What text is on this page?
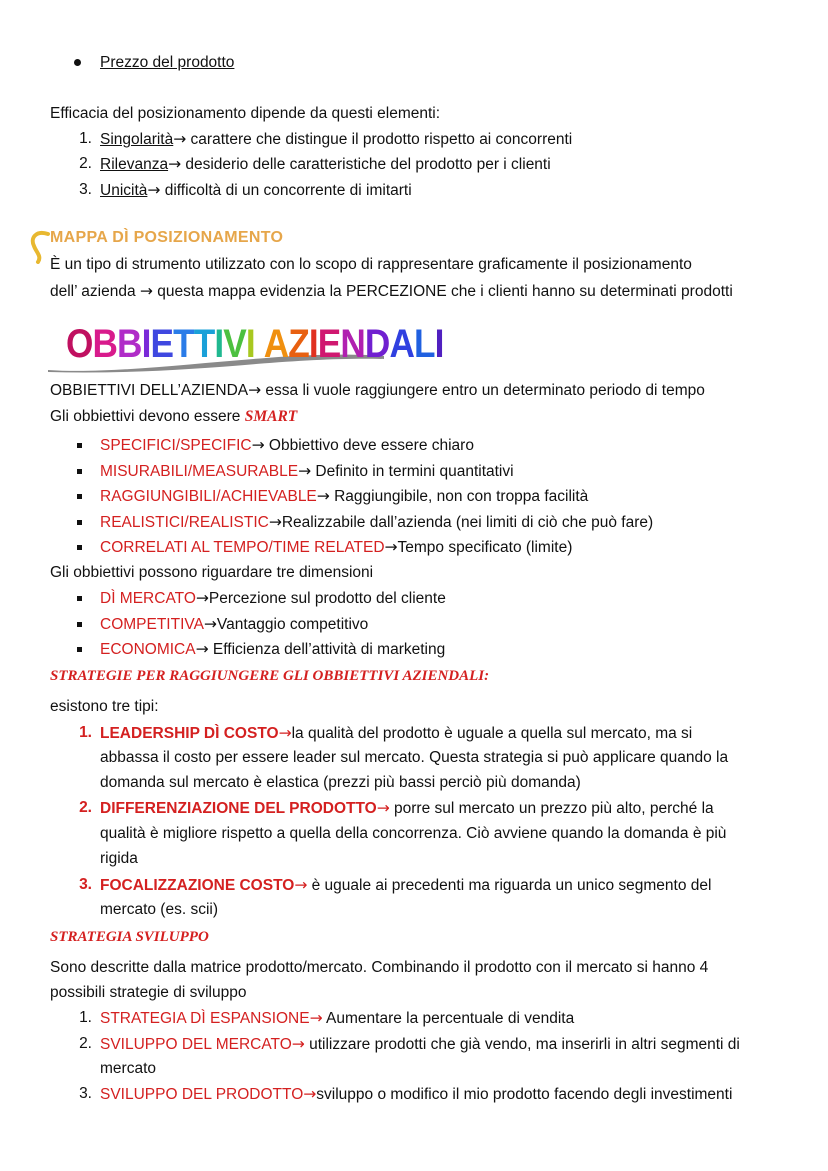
Prezzo del prodotto
Efficacia del posizionamento dipende da questi elementi:
1. Singolarità→ carattere che distingue il prodotto rispetto ai concorrenti
2. Rilevanza→ desiderio delle caratteristiche del prodotto per i clienti
3. Unicità→ difficoltà di un concorrente di imitarti
MAPPA DÌ POSIZIONAMENTO
È un tipo di strumento utilizzato con lo scopo di rappresentare graficamente il posizionamento
dell’ azienda → questa mappa evidenzia la PERCEZIONE che i clienti hanno su determinati prodotti
OBBIETTIVI AZIENDALI
OBBIETTIVI DELL’AZIENDA→ essa li vuole raggiungere entro un determinato periodo di tempo
Gli obbiettivi devono essere SMART
SPECIFICI/SPECIFIC→ Obbiettivo deve essere chiaro
MISURABILI/MEASURABLE→ Definito in termini quantitativi
RAGGIUNGIBILI/ACHIEVABLE→ Raggiungibile, non con troppa facilità
REALISTICI/REALISTIC→Realizzabile dall’azienda (nei limiti di ciò che può fare)
CORRELATI AL TEMPO/TIME RELATED→Tempo specificato (limite)
Gli obbiettivi possono riguardare tre dimensioni
DÌ MERCATO→Percezione sul prodotto del cliente
COMPETITIVA→Vantaggio competitivo
ECONOMICA→ Efficienza dell’attività di marketing
STRATEGIE PER RAGGIUNGERE GLI OBBIETTIVI AZIENDALI:
esistono tre tipi:
1. LEADERSHIP DÌ COSTO→la qualità del prodotto è uguale a quella sul mercato, ma si
abbassa il costo per essere leader sul mercato. Questa strategia si può applicare quando la
domanda sul mercato è elastica (prezzi più bassi perciò più domanda)
2. DIFFERENZIAZIONE DEL PRODOTTO→ porre sul mercato un prezzo più alto, perché la
qualità è migliore rispetto a quella della concorrenza. Ciò avviene quando la domanda è più
rigida
3. FOCALIZZAZIONE COSTO→ è uguale ai precedenti ma riguarda un unico segmento del
mercato (es. scii)
STRATEGIA SVILUPPO
Sono descritte dalla matrice prodotto/mercato. Combinando il prodotto con il mercato si hanno 4
possibili strategie di sviluppo
1. STRATEGIA DÌ ESPANSIONE→ Aumentare la percentuale di vendita
2. SVILUPPO DEL MERCATO→ utilizzare prodotti che già vendo, ma inserirli in altri segmenti di
mercato
3. SVILUPPO DEL PRODOTTO→sviluppo o modifico il mio prodotto facendo degli investimenti
